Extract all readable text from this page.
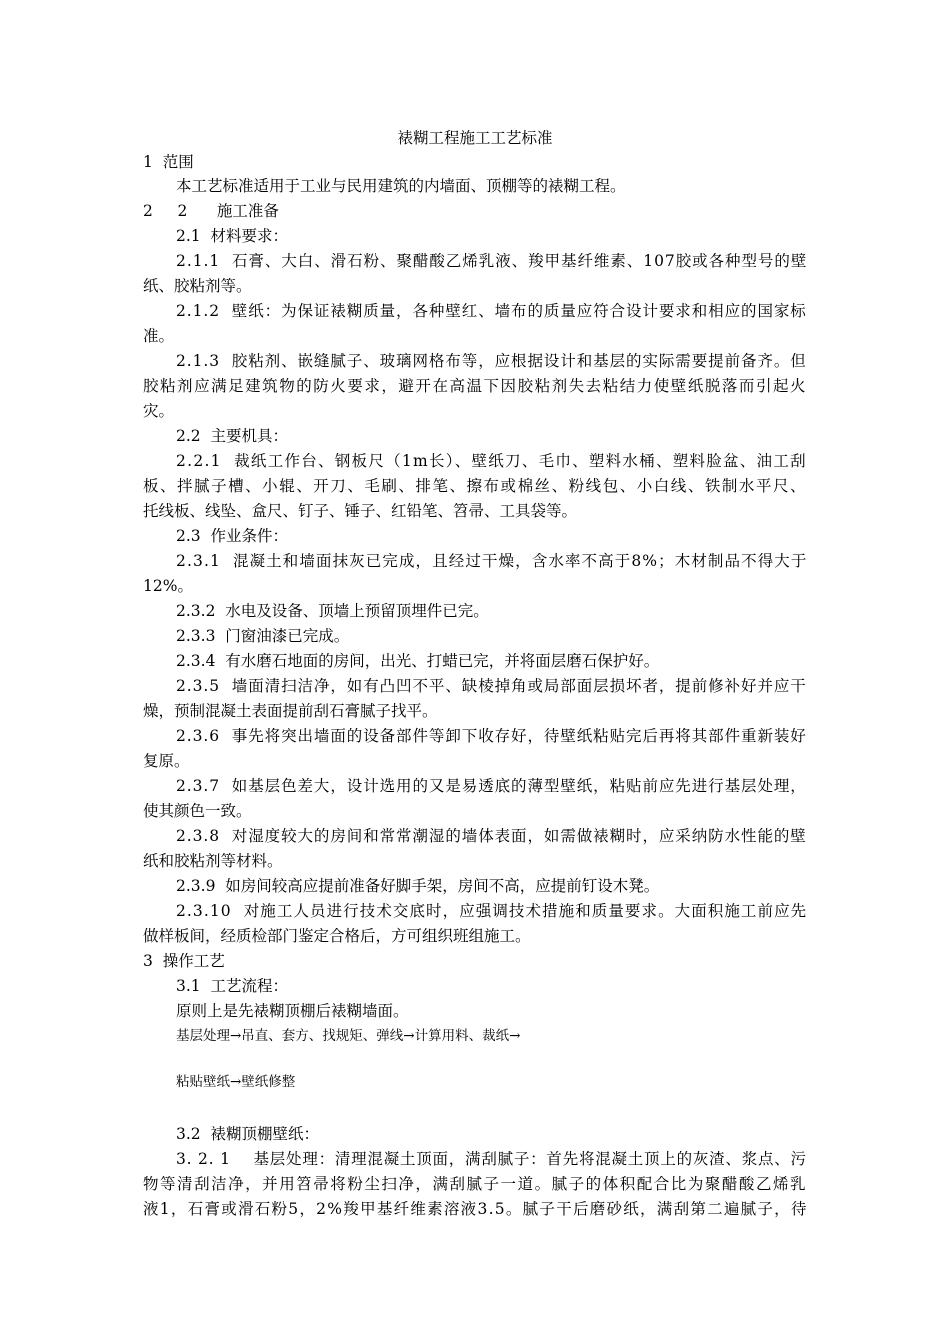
裱糊工程施工工艺标准
1  范围
本工艺标准适用于工业与民用建筑的内墙面、顶棚等的裱糊工程。
2     2      施工准备
2.1  材料要求：
2.1.1  石膏、大白、滑石粉、聚醋酸乙烯乳液、羧甲基纤维素、107胶或各种型号的壁
纸、胶粘剂等。
2.1.2  壁纸：为保证裱糊质量，各种壁红、墙布的质量应符合设计要求和相应的国家标
准。
2.1.3  胶粘剂、嵌缝腻子、玻璃网格布等，应根据设计和基层的实际需要提前备齐。但
胶粘剂应满足建筑物的防火要求，避开在高温下因胶粘剂失去粘结力使壁纸脱落而引起火
灾。
2.2  主要机具：
2.2.1  裁纸工作台、钢板尺（1m长）、壁纸刀、毛巾、塑料水桶、塑料脸盆、油工刮
板、拌腻子槽、小辊、开刀、毛刷、排笔、擦布或棉丝、粉线包、小白线、铁制水平尺、
托线板、线坠、盒尺、钉子、锤子、红铅笔、笤帚、工具袋等。
2.3  作业条件：
2.3.1  混凝土和墙面抹灰已完成，且经过干燥，含水率不高于8%；木材制品不得大于
12%。
2.3.2  水电及设备、顶墙上预留顶埋件已完。
2.3.3  门窗油漆已完成。
2.3.4  有水磨石地面的房间，出光、打蜡已完，并将面层磨石保护好。
2.3.5  墙面清扫洁净，如有凸凹不平、缺棱掉角或局部面层损坏者，提前修补好并应干
燥，预制混凝土表面提前刮石膏腻子找平。
2.3.6  事先将突出墙面的设备部件等卸下收存好，待壁纸粘贴完后再将其部件重新装好
复原。
2.3.7  如基层色差大，设计选用的又是易透底的薄型壁纸，粘贴前应先进行基层处理，
使其颜色一致。
2.3.8  对湿度较大的房间和常常潮湿的墙体表面，如需做裱糊时，应采纳防水性能的壁
纸和胶粘剂等材料。
2.3.9  如房间较高应提前准备好脚手架，房间不高，应提前钉设木凳。
2.3.10  对施工人员进行技术交底时，应强调技术措施和质量要求。大面积施工前应先
做样板间，经质检部门鉴定合格后，方可组织班组施工。
3  操作工艺
3.1  工艺流程：
原则上是先裱糊顶棚后裱糊墙面。
基层处理→吊直、套方、找规矩、弹线→计算用料、裁纸→
粘贴壁纸→壁纸修整
3.2  裱糊顶棚壁纸：
3. 2. 1    基层处理：清理混凝土顶面，满刮腻子：首先将混凝土顶上的灰渣、浆点、污
物等清刮洁净，并用笤帚将粉尘扫净，满刮腻子一道。腻子的体积配合比为聚醋酸乙烯乳
液1，石膏或滑石粉5，2%羧甲基纤维素溶液3.5。腻子干后磨砂纸，满刮第二遍腻子，待
